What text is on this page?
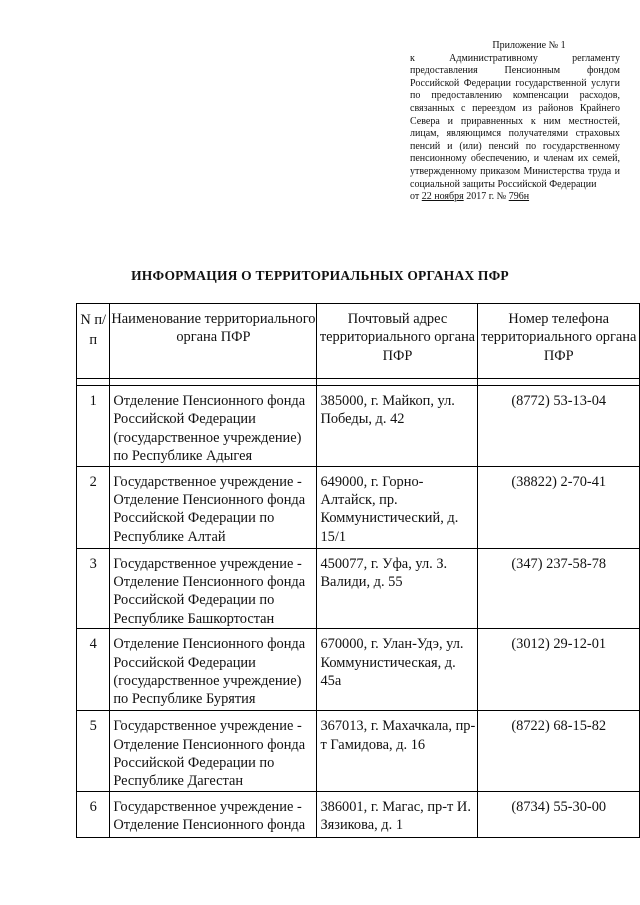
Приложение № 1
к Административному регламенту предоставления Пенсионным фондом Российской Федерации государственной услуги по предоставлению компенсации расходов, связанных с переездом из районов Крайнего Севера и приравненных к ним местностей, лицам, являющимся получателями страховых пенсий и (или) пенсий по государственному пенсионному обеспечению, и членам их семей, утвержденному приказом Министерства труда и социальной защиты Российской Федерации
от 22 ноября 2017 г. № 796н
ИНФОРМАЦИЯ О ТЕРРИТОРИАЛЬНЫХ ОРГАНАХ ПФР
N п/п	Наименование территориального органа ПФР	Почтовый адрес территориального органа ПФР	Номер телефона территориального органа ПФР

1	Отделение Пенсионного фонда Российской Федерации (государственное учреждение) по Республике Адыгея	385000, г. Майкоп, ул. Победы, д. 42	(8772) 53-13-04
2	Государственное учреждение - Отделение Пенсионного фонда Российской Федерации по Республике Алтай	649000, г. Горно-Алтайск, пр. Коммунистический, д. 15/1	(38822) 2-70-41
3	Государственное учреждение - Отделение Пенсионного фонда Российской Федерации по Республике Башкортостан	450077, г. Уфа, ул. З. Валиди, д. 55	(347) 237-58-78
4	Отделение Пенсионного фонда Российской Федерации (государственное учреждение) по Республике Бурятия	670000, г. Улан-Удэ, ул. Коммунистическая, д. 45а	(3012) 29-12-01
5	Государственное учреждение - Отделение Пенсионного фонда Российской Федерации по Республике Дагестан	367013, г. Махачкала, пр-т Гамидова, д. 16	(8722) 68-15-82
6	Государственное учреждение - Отделение Пенсионного фонда	386001, г. Магас, пр-т И. Зязикова, д. 1	(8734) 55-30-00
